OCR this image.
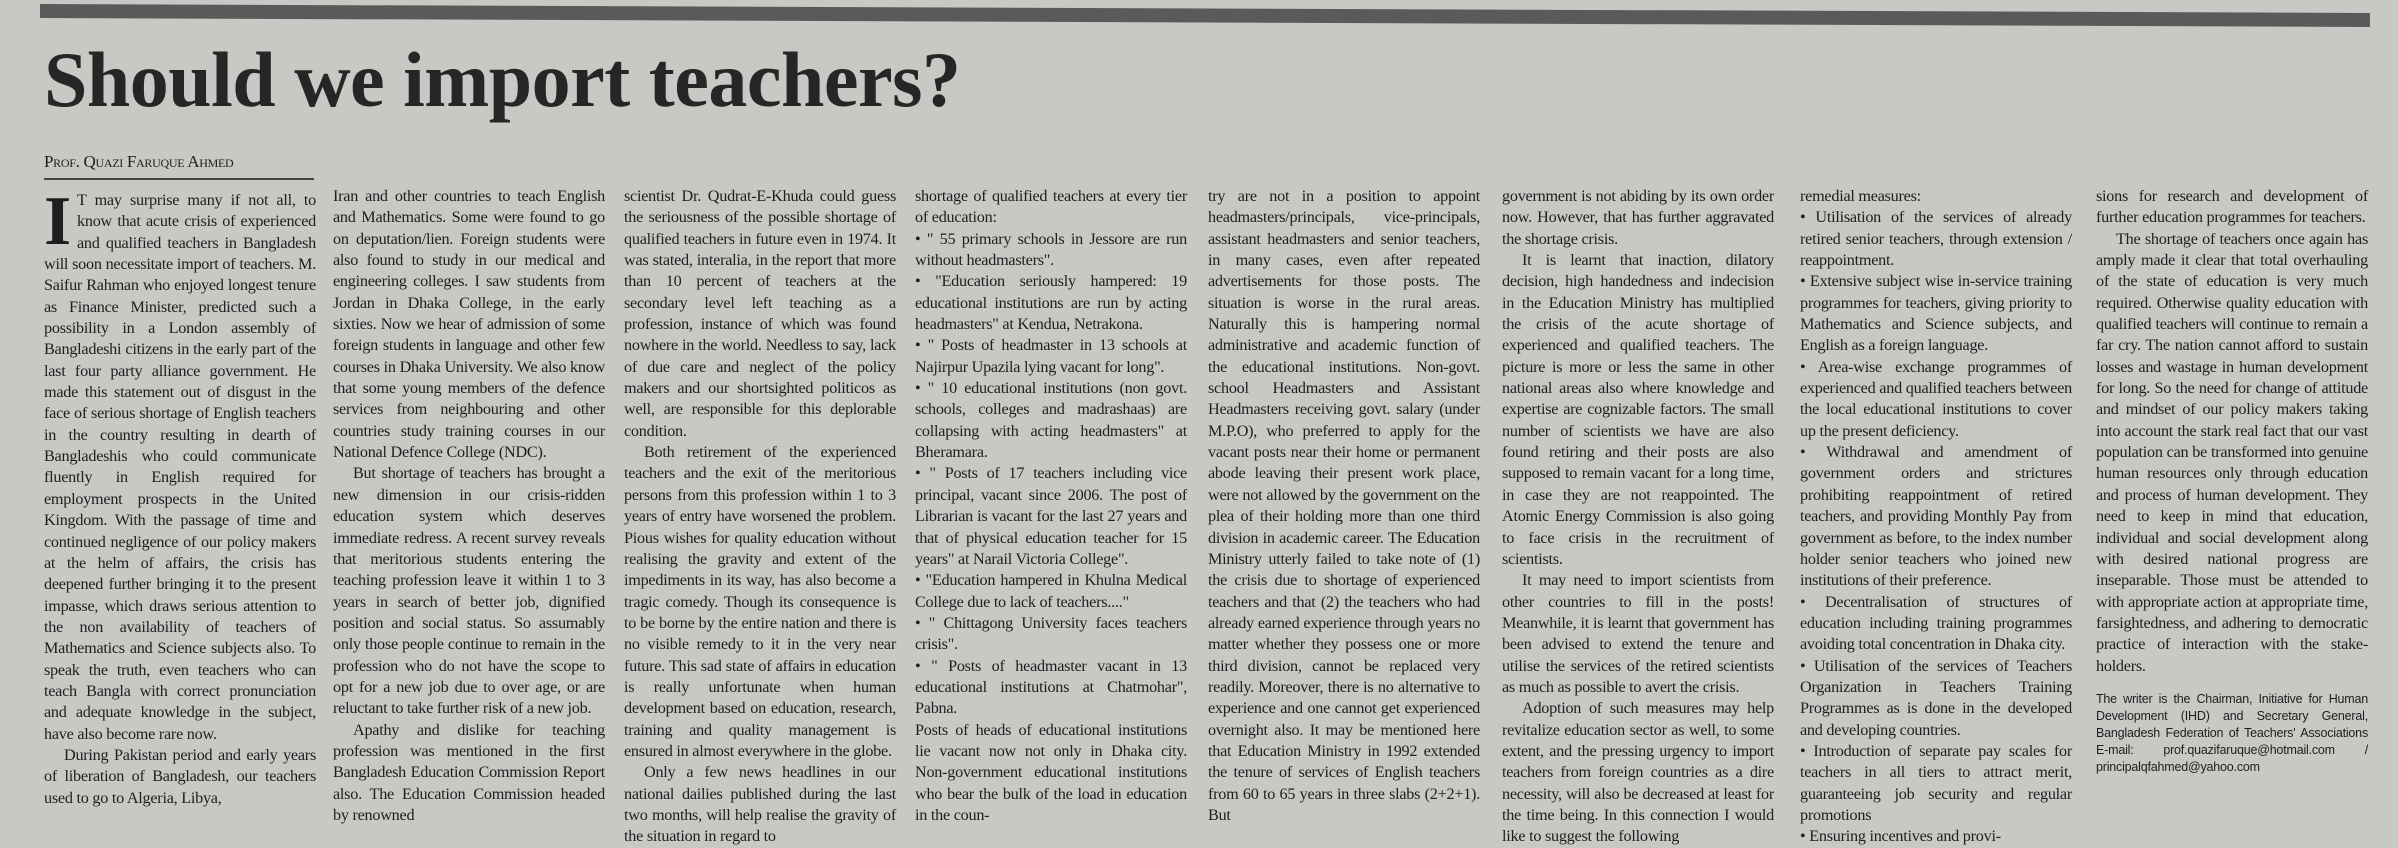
Should we import teachers?
Prof. Quazi Faruque Ahmed

I T may surprise many if not all, to know that acute crisis of experienced and qualified teachers in Bangladesh will soon necessitate import of teachers. M. Saifur Rahman who enjoyed longest tenure as Finance Minister, predicted such a possibility in a London assembly of Bangladeshi citizens in the early part of the last four party alliance government. He made this statement out of disgust in the face of serious shortage of English teachers in the country resulting in dearth of Bangladeshis who could communicate fluently in English required for employment prospects in the United Kingdom. With the passage of time and continued negligence of our policy makers at the helm of affairs, the crisis has deepened further bringing it to the present impasse, which draws serious attention to the non availability of teachers of Mathematics and Science subjects also. To speak the truth, even teachers who can teach Bangla with correct pronunciation and adequate knowledge in the subject, have also become rare now.

During Pakistan period and early years of liberation of Bangladesh, our teachers used to go to Algeria, Libya,

Iran and other countries to teach English and Mathematics. Some were found to go on deputation/lien. Foreign students were also found to study in our medical and engineering colleges. I saw students from Jordan in Dhaka College, in the early sixties. Now we hear of admission of some foreign students in language and other few courses in Dhaka University. We also know that some young members of the defence services from neighbouring and other countries study training courses in our National Defence College (NDC).

But shortage of teachers has brought a new dimension in our crisis-ridden education system which deserves immediate redress. A recent survey reveals that meritorious students entering the teaching profession leave it within 1 to 3 years in search of better job, dignified position and social status. So assumably only those people continue to remain in the profession who do not have the scope to opt for a new job due to over age, or are reluctant to take further risk of a new job.

Apathy and dislike for teaching profession was mentioned in the first Bangladesh Education Commission Report also. The Education Commission headed by renowned

scientist Dr. Qudrat-E-Khuda could guess the seriousness of the possible shortage of qualified teachers in future even in 1974. It was stated, interalia, in the report that more than 10 percent of teachers at the secondary level left teaching as a profession, instance of which was found nowhere in the world. Needless to say, lack of due care and neglect of the policy makers and our shortsighted politicos as well, are responsible for this deplorable condition.

Both retirement of the experienced teachers and the exit of the meritorious persons from this profession within 1 to 3 years of entry have worsened the problem. Pious wishes for quality education without realising the gravity and extent of the impediments in its way, has also become a tragic comedy. Though its consequence is to be borne by the entire nation and there is no visible remedy to it in the very near future. This sad state of affairs in education is really unfortunate when human development based on education, research, training and quality management is ensured in almost everywhere in the globe.

Only a few news headlines in our national dailies published during the last two months, will help realise the gravity of the situation in regard to

shortage of qualified teachers at every tier of education:

• " 55 primary schools in Jessore are run without headmasters".

• "Education seriously hampered: 19 educational institutions are run by acting headmasters" at Kendua, Netrakona.

• " Posts of headmaster in 13 schools at Najirpur Upazila lying vacant for long".

• " 10 educational institutions (non govt. schools, colleges and madrashaas) are collapsing with acting headmasters" at Bheramara.

• " Posts of 17 teachers including vice principal, vacant since 2006. The post of Librarian is vacant for the last 27 years and that of physical education teacher for 15 years" at Narail Victoria College".

• "Education hampered in Khulna Medical College due to lack of teachers...."

• " Chittagong University faces teachers crisis".

• " Posts of headmaster vacant in 13 educational institutions at Chatmohar", Pabna.

Posts of heads of educational institutions lie vacant now not only in Dhaka city. Non-government educational institutions who bear the bulk of the load in education in the coun-

try are not in a position to appoint headmasters/principals, vice-principals, assistant headmasters and senior teachers, in many cases, even after repeated advertisements for those posts. The situation is worse in the rural areas. Naturally this is hampering normal administrative and academic function of the educational institutions. Non-govt. school Headmasters and Assistant Headmasters receiving govt. salary (under M.P.O), who preferred to apply for the vacant posts near their home or permanent abode leaving their present work place, were not allowed by the government on the plea of their holding more than one third division in academic career. The Education Ministry utterly failed to take note of (1) the crisis due to shortage of experienced teachers and that (2) the teachers who had already earned experience through years no matter whether they possess one or more third division, cannot be replaced very readily. Moreover, there is no alternative to experience and one cannot get experienced overnight also. It may be mentioned here that Education Ministry in 1992 extended the tenure of services of English teachers from 60 to 65 years in three slabs (2+2+1). But

government is not abiding by its own order now. However, that has further aggravated the shortage crisis.

It is learnt that inaction, dilatory decision, high handedness and indecision in the Education Ministry has multiplied the crisis of the acute shortage of experienced and qualified teachers. The picture is more or less the same in other national areas also where knowledge and expertise are cognizable factors. The small number of scientists we have are also found retiring and their posts are also supposed to remain vacant for a long time, in case they are not reappointed. The Atomic Energy Commission is also going to face crisis in the recruitment of scientists.

It may need to import scientists from other countries to fill in the posts! Meanwhile, it is learnt that government has been advised to extend the tenure and utilise the services of the retired scientists as much as possible to avert the crisis.

Adoption of such measures may help revitalize education sector as well, to some extent, and the pressing urgency to import teachers from foreign countries as a dire necessity, will also be decreased at least for the time being. In this connection I would like to suggest the following

remedial measures:

• Utilisation of the services of already retired senior teachers, through extension / reappointment.

• Extensive subject wise in-service training programmes for teachers, giving priority to Mathematics and Science subjects, and English as a foreign language.

• Area-wise exchange programmes of experienced and qualified teachers between the local educational institutions to cover up the present deficiency.

• Withdrawal and amendment of government orders and strictures prohibiting reappointment of retired teachers, and providing Monthly Pay from government as before, to the index number holder senior teachers who joined new institutions of their preference.

• Decentralisation of structures of education including training programmes avoiding total concentration in Dhaka city.

• Utilisation of the services of Teachers Organization in Teachers Training Programmes as is done in the developed and developing countries.

• Introduction of separate pay scales for teachers in all tiers to attract merit, guaranteeing job security and regular promotions

• Ensuring incentives and provi-

sions for research and development of further education programmes for teachers.

The shortage of teachers once again has amply made it clear that total overhauling of the state of education is very much required. Otherwise quality education with qualified teachers will continue to remain a far cry. The nation cannot afford to sustain losses and wastage in human development for long. So the need for change of attitude and mindset of our policy makers taking into account the stark real fact that our vast population can be transformed into genuine human resources only through education and process of human development. They need to keep in mind that education, individual and social development along with desired national progress are inseparable. Those must be attended to with appropriate action at appropriate time, farsightedness, and adhering to democratic practice of interaction with the stake-holders.

The writer is the Chairman, Initiative for Human Development (IHD) and Secretary General, Bangladesh Federation of Teachers' Associations E-mail: prof.quazifaruque@hotmail.com / principalqfahmed@yahoo.com
